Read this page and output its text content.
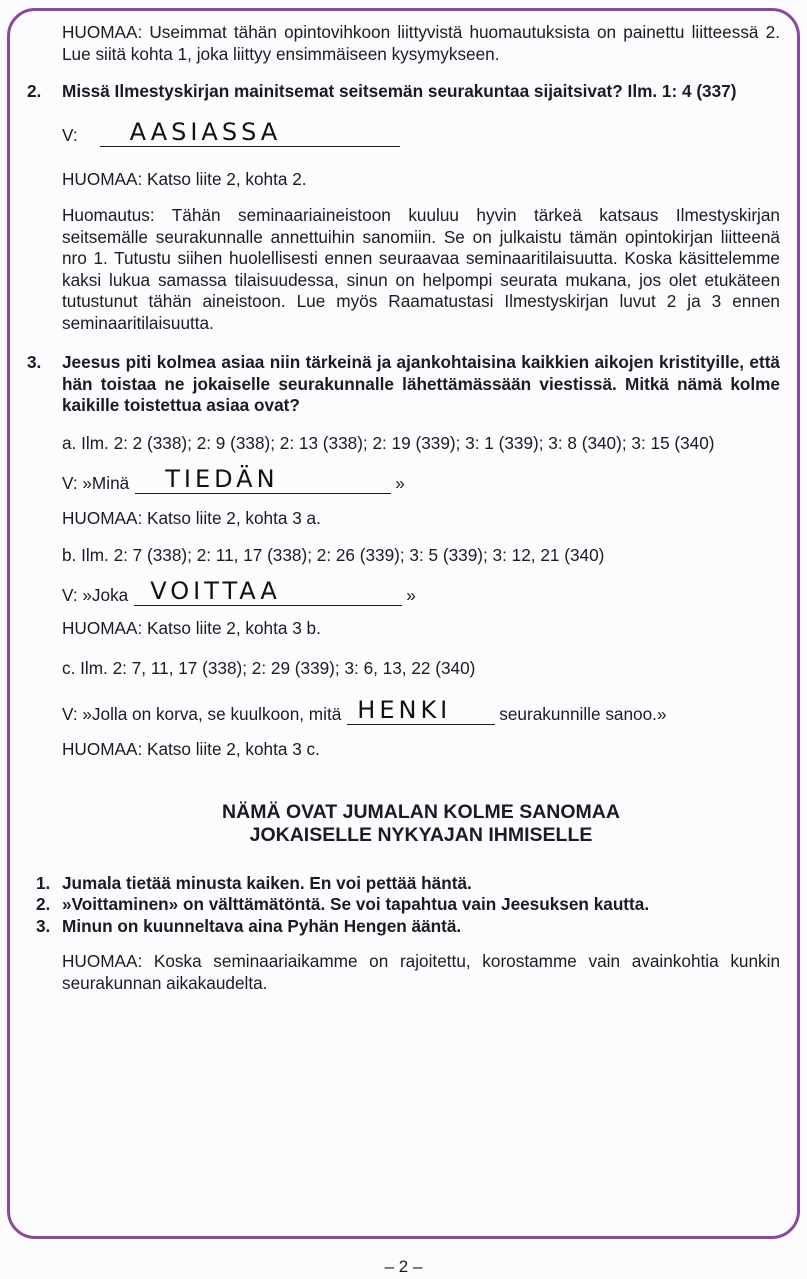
HUOMAA: Useimmat tähän opintovihkoon liittyvistä huomautuksista on painettu liitteessä 2. Lue siitä kohta 1, joka liittyy ensimmäiseen kysymykseen.

2. Missä Ilmestyskirjan mainitsemat seitsemän seurakuntaa sijaitsivat? Ilm. 1: 4 (337)

V:	AASIASSA

HUOMAA: Katso liite 2, kohta 2.

Huomautus: Tähän seminaariaineistoon kuuluu hyvin tärkeä katsaus Ilmestyskirjan seitsemälle seurakunnalle annettuihin sanomiin. Se on julkaistu tämän opintokirjan liitteenä nro 1. Tutustu siihen huolellisesti ennen seuraavaa seminaaritilaisuutta. Koska käsittelemme kaksi lukua samassa tilaisuudessa, sinun on helpompi seurata mukana, jos olet etukäteen tutustunut tähän aineistoon. Lue myös Raamatustasi Ilmestyskirjan luvut 2 ja 3 ennen seminaaritilaisuutta.

3. Jeesus piti kolmea asiaa niin tärkeinä ja ajankohtaisina kaikkien aikojen kristityille, että hän toistaa ne jokaiselle seurakunnalle lähettämässään viestissä. Mitkä nämä kolme kaikille toistettua asiaa ovat?

a. Ilm. 2: 2 (338); 2: 9 (338); 2: 13 (338); 2: 19 (339); 3: 1 (339); 3: 8 (340); 3: 15 (340)

V: »Minä	TIEDÄN	»

HUOMAA: Katso liite 2, kohta 3 a.

b. Ilm. 2: 7 (338); 2: 11, 17 (338); 2: 26 (339); 3: 5 (339); 3: 12, 21 (340)

V: »Joka VOITTAA	»

HUOMAA: Katso liite 2, kohta 3 b.

c. Ilm. 2: 7, 11, 17 (338); 2: 29 (339); 3: 6, 13, 22 (340)

V: »Jolla on korva, se kuulkoon, mitä HENKI	seurakunnille sanoo.»

HUOMAA: Katso liite 2, kohta 3 c.

NÄMÄ OVAT JUMALAN KOLME SANOMAA
JOKAISELLE NYKYAJAN IHMISELLE
1. Jumala tietää minusta kaiken. En voi pettää häntä.

2. »Voittaminen» on välttämätöntä. Se voi tapahtua vain Jeesuksen kautta.

3. Minun on kuunneltava aina Pyhän Hengen ääntä.

HUOMAA: Koska seminaariaikamme on rajoitettu, korostamme vain avainkohtia kunkin seurakunnan aikakaudelta.

– 2 –
